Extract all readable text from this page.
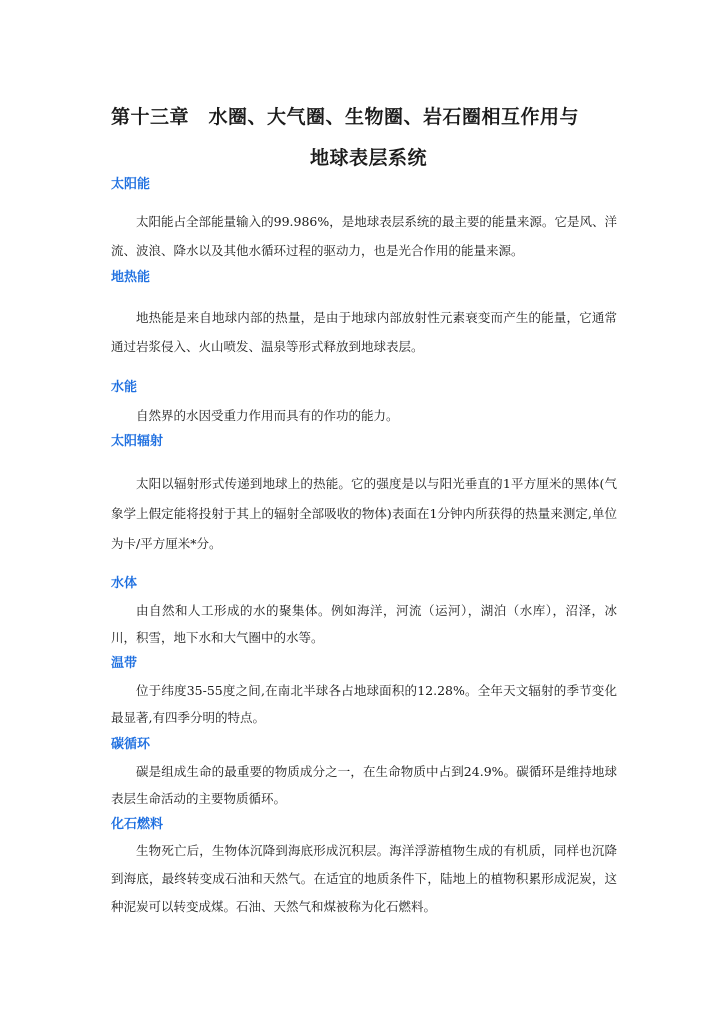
第十三章　水圈、大气圈、生物圈、岩石圈相互作用与
地球表层系统
太阳能
太阳能占全部能量输入的99.986%，是地球表层系统的最主要的能量来源。它是风、洋流、波浪、降水以及其他水循环过程的驱动力，也是光合作用的能量来源。
地热能
地热能是来自地球内部的热量，是由于地球内部放射性元素衰变而产生的能量，它通常通过岩浆侵入、火山喷发、温泉等形式释放到地球表层。
水能
自然界的水因受重力作用而具有的作功的能力。
太阳辐射
太阳以辐射形式传递到地球上的热能。它的强度是以与阳光垂直的1平方厘米的黑体(气象学上假定能将投射于其上的辐射全部吸收的物体)表面在1分钟内所获得的热量来测定,单位为卡/平方厘米*分。
水体
由自然和人工形成的水的聚集体。例如海洋，河流（运河），湖泊（水库），沼泽，冰川，积雪，地下水和大气圈中的水等。
温带
位于纬度35-55度之间,在南北半球各占地球面积的12.28%。全年天文辐射的季节变化最显著,有四季分明的特点。
碳循环
碳是组成生命的最重要的物质成分之一，在生命物质中占到24.9%。碳循环是维持地球表层生命活动的主要物质循环。
化石燃料
生物死亡后，生物体沉降到海底形成沉积层。海洋浮游植物生成的有机质，同样也沉降到海底，最终转变成石油和天然气。在适宜的地质条件下，陆地上的植物积累形成泥炭，这种泥炭可以转变成煤。石油、天然气和煤被称为化石燃料。
